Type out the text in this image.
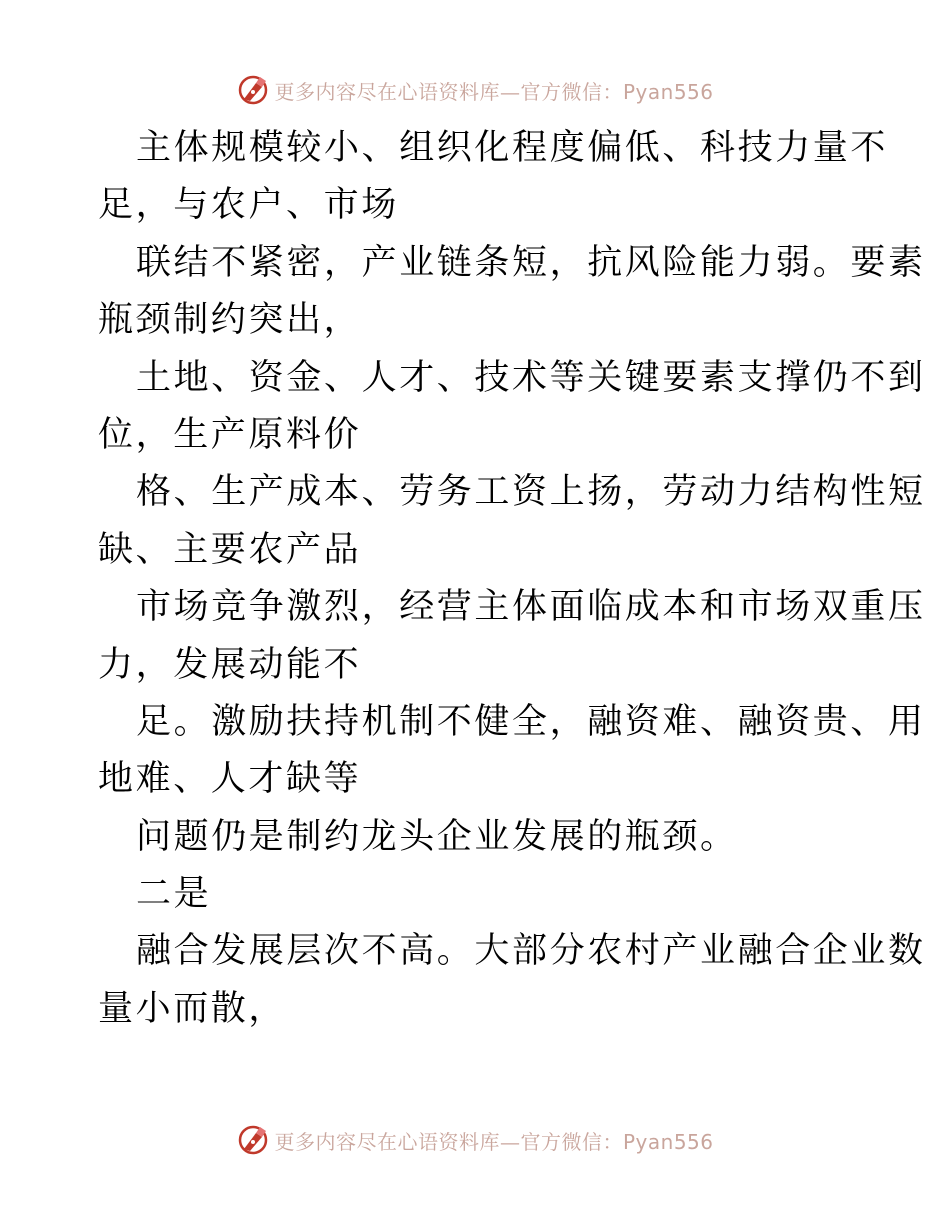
更多内容尽在心语资料库—官方微信：Pyan556
主体规模较小、组织化程度偏低、科技力量不
足，与农户、市场
联结不紧密，产业链条短，抗风险能力弱。要素
瓶颈制约突出，
土地、资金、人才、技术等关键要素支撑仍不到
位，生产原料价
格、生产成本、劳务工资上扬，劳动力结构性短
缺、主要农产品
市场竞争激烈，经营主体面临成本和市场双重压
力，发展动能不
足。激励扶持机制不健全，融资难、融资贵、用
地难、人才缺等
问题仍是制约龙头企业发展的瓶颈。
二是
融合发展层次不高。大部分农村产业融合企业数
量小而散，
更多内容尽在心语资料库—官方微信：Pyan556
